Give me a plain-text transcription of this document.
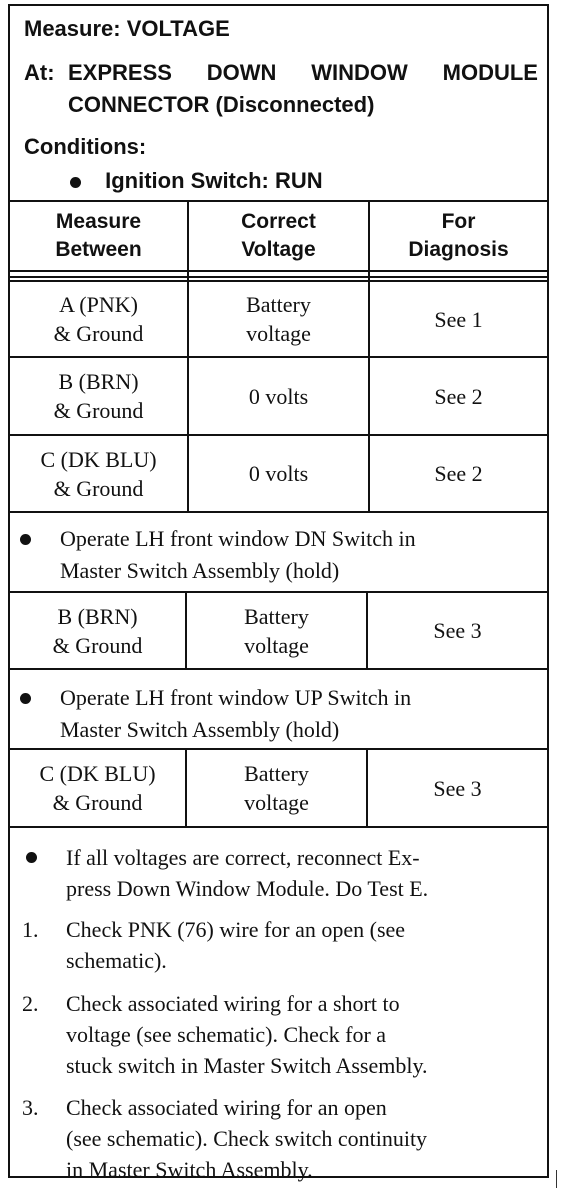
Measure: VOLTAGE
At: EXPRESS DOWN WINDOW MODULE
CONNECTOR (Disconnected)
Conditions:
Ignition Switch: RUN
Measure
Between
Correct
Voltage
For
Diagnosis
A (PNK)
& Ground
Battery
voltage
See 1
B (BRN)
& Ground
0 volts	See 2
C (DK BLU)
& Ground
0 volts	See 2
Operate LH front window DN Switch in
Master Switch Assembly (hold)
B (BRN)
& Ground
Battery
voltage
See 3
Operate LH front window UP Switch in
Master Switch Assembly (hold)
C (DK BLU)
& Ground
Battery
voltage
See 3
If all voltages are correct, reconnect Ex-
press Down Window Module. Do Test E.
1. Check PNK (76) wire for an open (see
schematic).
2. Check associated wiring for a short to
voltage (see schematic). Check for a
stuck switch in Master Switch Assembly.
3. Check associated wiring for an open
(see schematic). Check switch continuity
in Master Switch Assembly.
